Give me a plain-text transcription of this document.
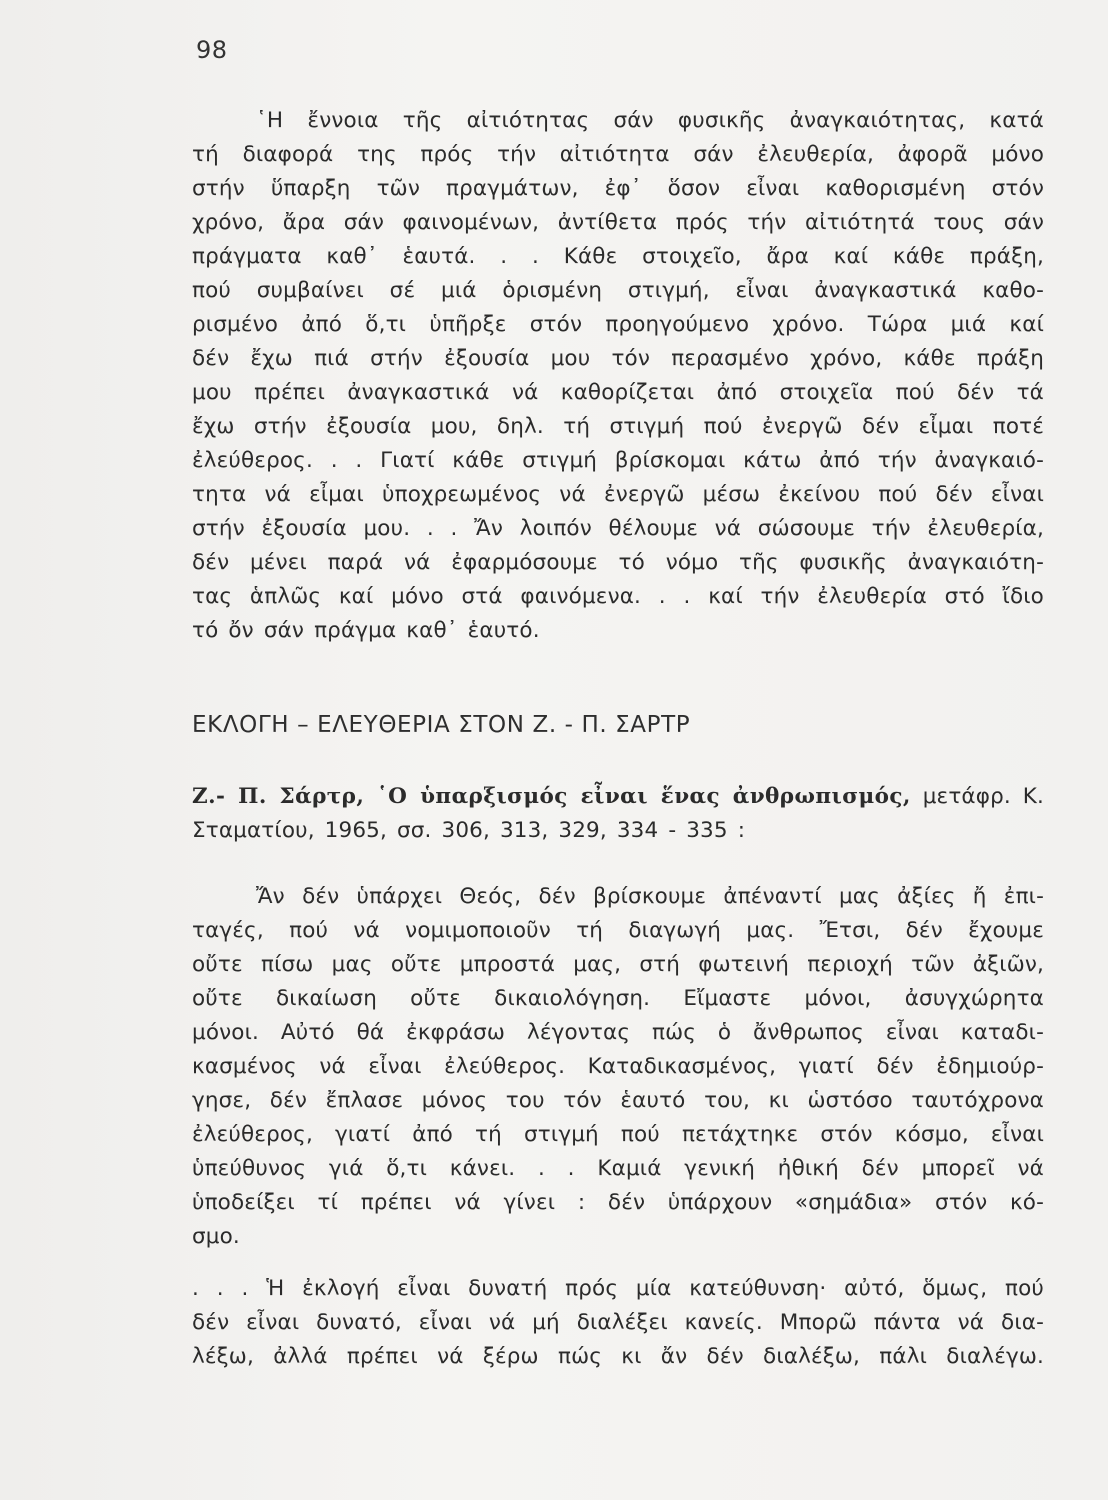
98
῾Η ἔννοια τῆς αἰτιότητας σάν φυσικῆς ἀναγκαιότητας, κατά
τή διαφορά της πρός τήν αἰτιότητα σάν ἐλευθερία, ἀφορᾶ μόνο
στήν ὕπαρξη τῶν πραγμάτων, ἐφ᾽ ὅσον εἶναι καθορισμένη στόν
χρόνο, ἄρα σάν φαινομένων, ἀντίθετα πρός τήν αἰτιότητά τους σάν
πράγματα καθ᾽ ἑαυτά. . . Κάθε στοιχεῖο, ἄρα καί κάθε πράξη,
πού συμβαίνει σέ μιά ὁρισμένη στιγμή, εἶναι ἀναγκαστικά καθο-
ρισμένο ἀπό ὅ,τι ὑπῆρξε στόν προηγούμενο χρόνο. Τώρα μιά καί
δέν ἔχω πιά στήν ἐξουσία μου τόν περασμένο χρόνο, κάθε πράξη
μου πρέπει ἀναγκαστικά νά καθορίζεται ἀπό στοιχεῖα πού δέν τά
ἔχω στήν ἐξουσία μου, δηλ. τή στιγμή πού ἐνεργῶ δέν εἶμαι ποτέ
ἐλεύθερος. . . Γιατί κάθε στιγμή βρίσκομαι κάτω ἀπό τήν ἀναγκαιό-
τητα νά εἶμαι ὑποχρεωμένος νά ἐνεργῶ μέσω ἐκείνου πού δέν εἶναι
στήν ἐξουσία μου. . . Ἄν λοιπόν θέλουμε νά σώσουμε τήν ἐλευθερία,
δέν μένει παρά νά ἐφαρμόσουμε τό νόμο τῆς φυσικῆς ἀναγκαιότη-
τας ἁπλῶς καί μόνο στά φαινόμενα. . . καί τήν ἐλευθερία στό ἴδιο
τό ὄν σάν πράγμα καθ᾽ ἑαυτό.
ΕΚΛΟΓΗ – ΕΛΕΥΘΕΡΙΑ ΣΤΟΝ Ζ. - Π. ΣΑΡΤΡ
Ζ.- Π. Σάρτρ, ῾Ο ὑπαρξισμός εἶναι ἕνας ἀνθρωπισμός, μετάφρ. Κ.
Σταματίου, 1965, σσ. 306, 313, 329, 334 - 335 :
Ἄν δέν ὑπάρχει Θεός, δέν βρίσκουμε ἀπέναντί μας ἀξίες ἤ ἐπι-
ταγές, πού νά νομιμοποιοῦν τή διαγωγή μας. Ἔτσι, δέν ἔχουμε
οὔτε πίσω μας οὔτε μπροστά μας, στή φωτεινή περιοχή τῶν ἀξιῶν,
οὔτε δικαίωση οὔτε δικαιολόγηση. Εἴμαστε μόνοι, ἀσυγχώρητα
μόνοι. Αὐτό θά ἐκφράσω λέγοντας πώς ὁ ἄνθρωπος εἶναι καταδι-
κασμένος νά εἶναι ἐλεύθερος. Καταδικασμένος, γιατί δέν ἐδημιούρ-
γησε, δέν ἔπλασε μόνος του τόν ἑαυτό του, κι ὡστόσο ταυτόχρονα
ἐλεύθερος, γιατί ἀπό τή στιγμή πού πετάχτηκε στόν κόσμο, εἶναι
ὑπεύθυνος γιά ὅ,τι κάνει. . . Καμιά γενική ἠθική δέν μπορεῖ νά
ὑποδείξει τί πρέπει νά γίνει : δέν ὑπάρχουν «σημάδια» στόν κό-
σμο.
. . . Ἡ ἐκλογή εἶναι δυνατή πρός μία κατεύθυνση· αὐτό, ὅμως, πού
δέν εἶναι δυνατό, εἶναι νά μή διαλέξει κανείς. Μπορῶ πάντα νά δια-
λέξω, ἀλλά πρέπει νά ξέρω πώς κι ἄν δέν διαλέξω, πάλι διαλέγω.
